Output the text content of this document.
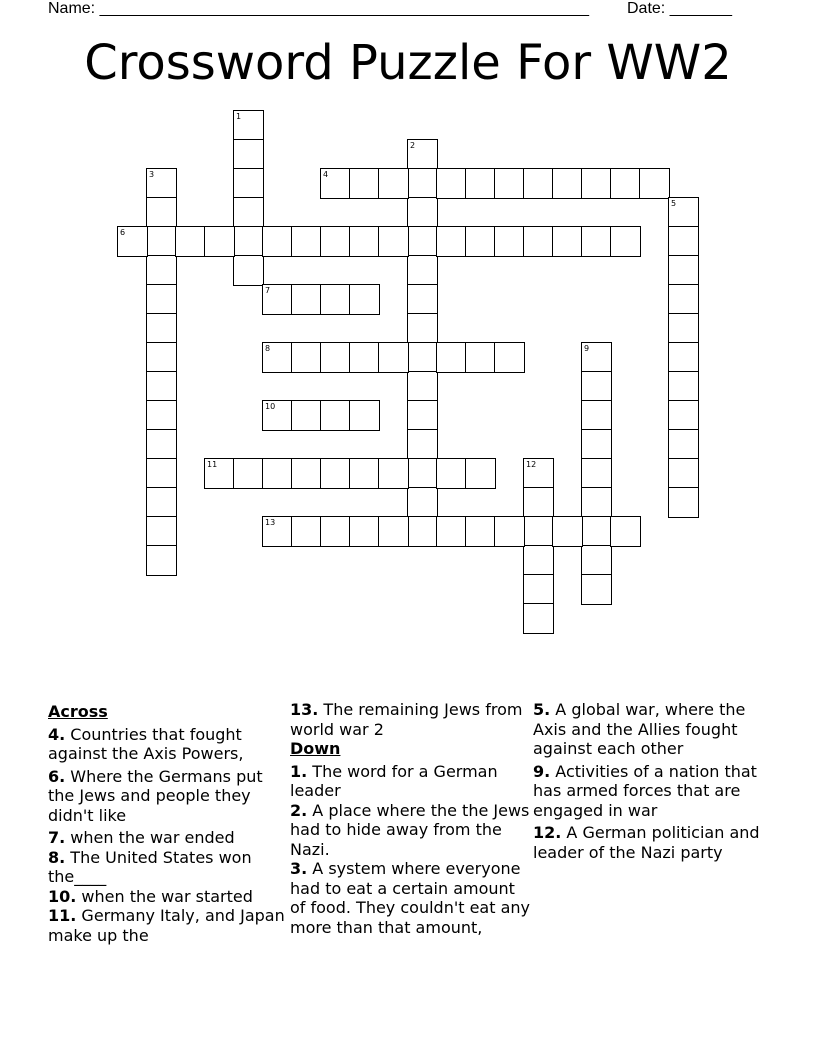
Name: _______________________________________________________ Date: _______
Crossword Puzzle For WW2
1
2
3	4
5
6
7
8	9
10
11	12
13
Across
4. Countries that fought against the Axis Powers,
6. Where the Germans put the Jews and people they didn't like
7. when the war ended
8. The United States won the____
10. when the war started
11. Germany Italy, and Japan make up the
13. The remaining Jews from world war 2
Down
1. The word for a German leader
2. A place where the the Jews had to hide away from the Nazi.
3. A system where everyone had to eat a certain amount of food. They couldn't eat any more than that amount,
5. A global war, where the Axis and the Allies fought against each other
9. Activities of a nation that has armed forces that are engaged in war
12. A German politician and leader of the Nazi party
